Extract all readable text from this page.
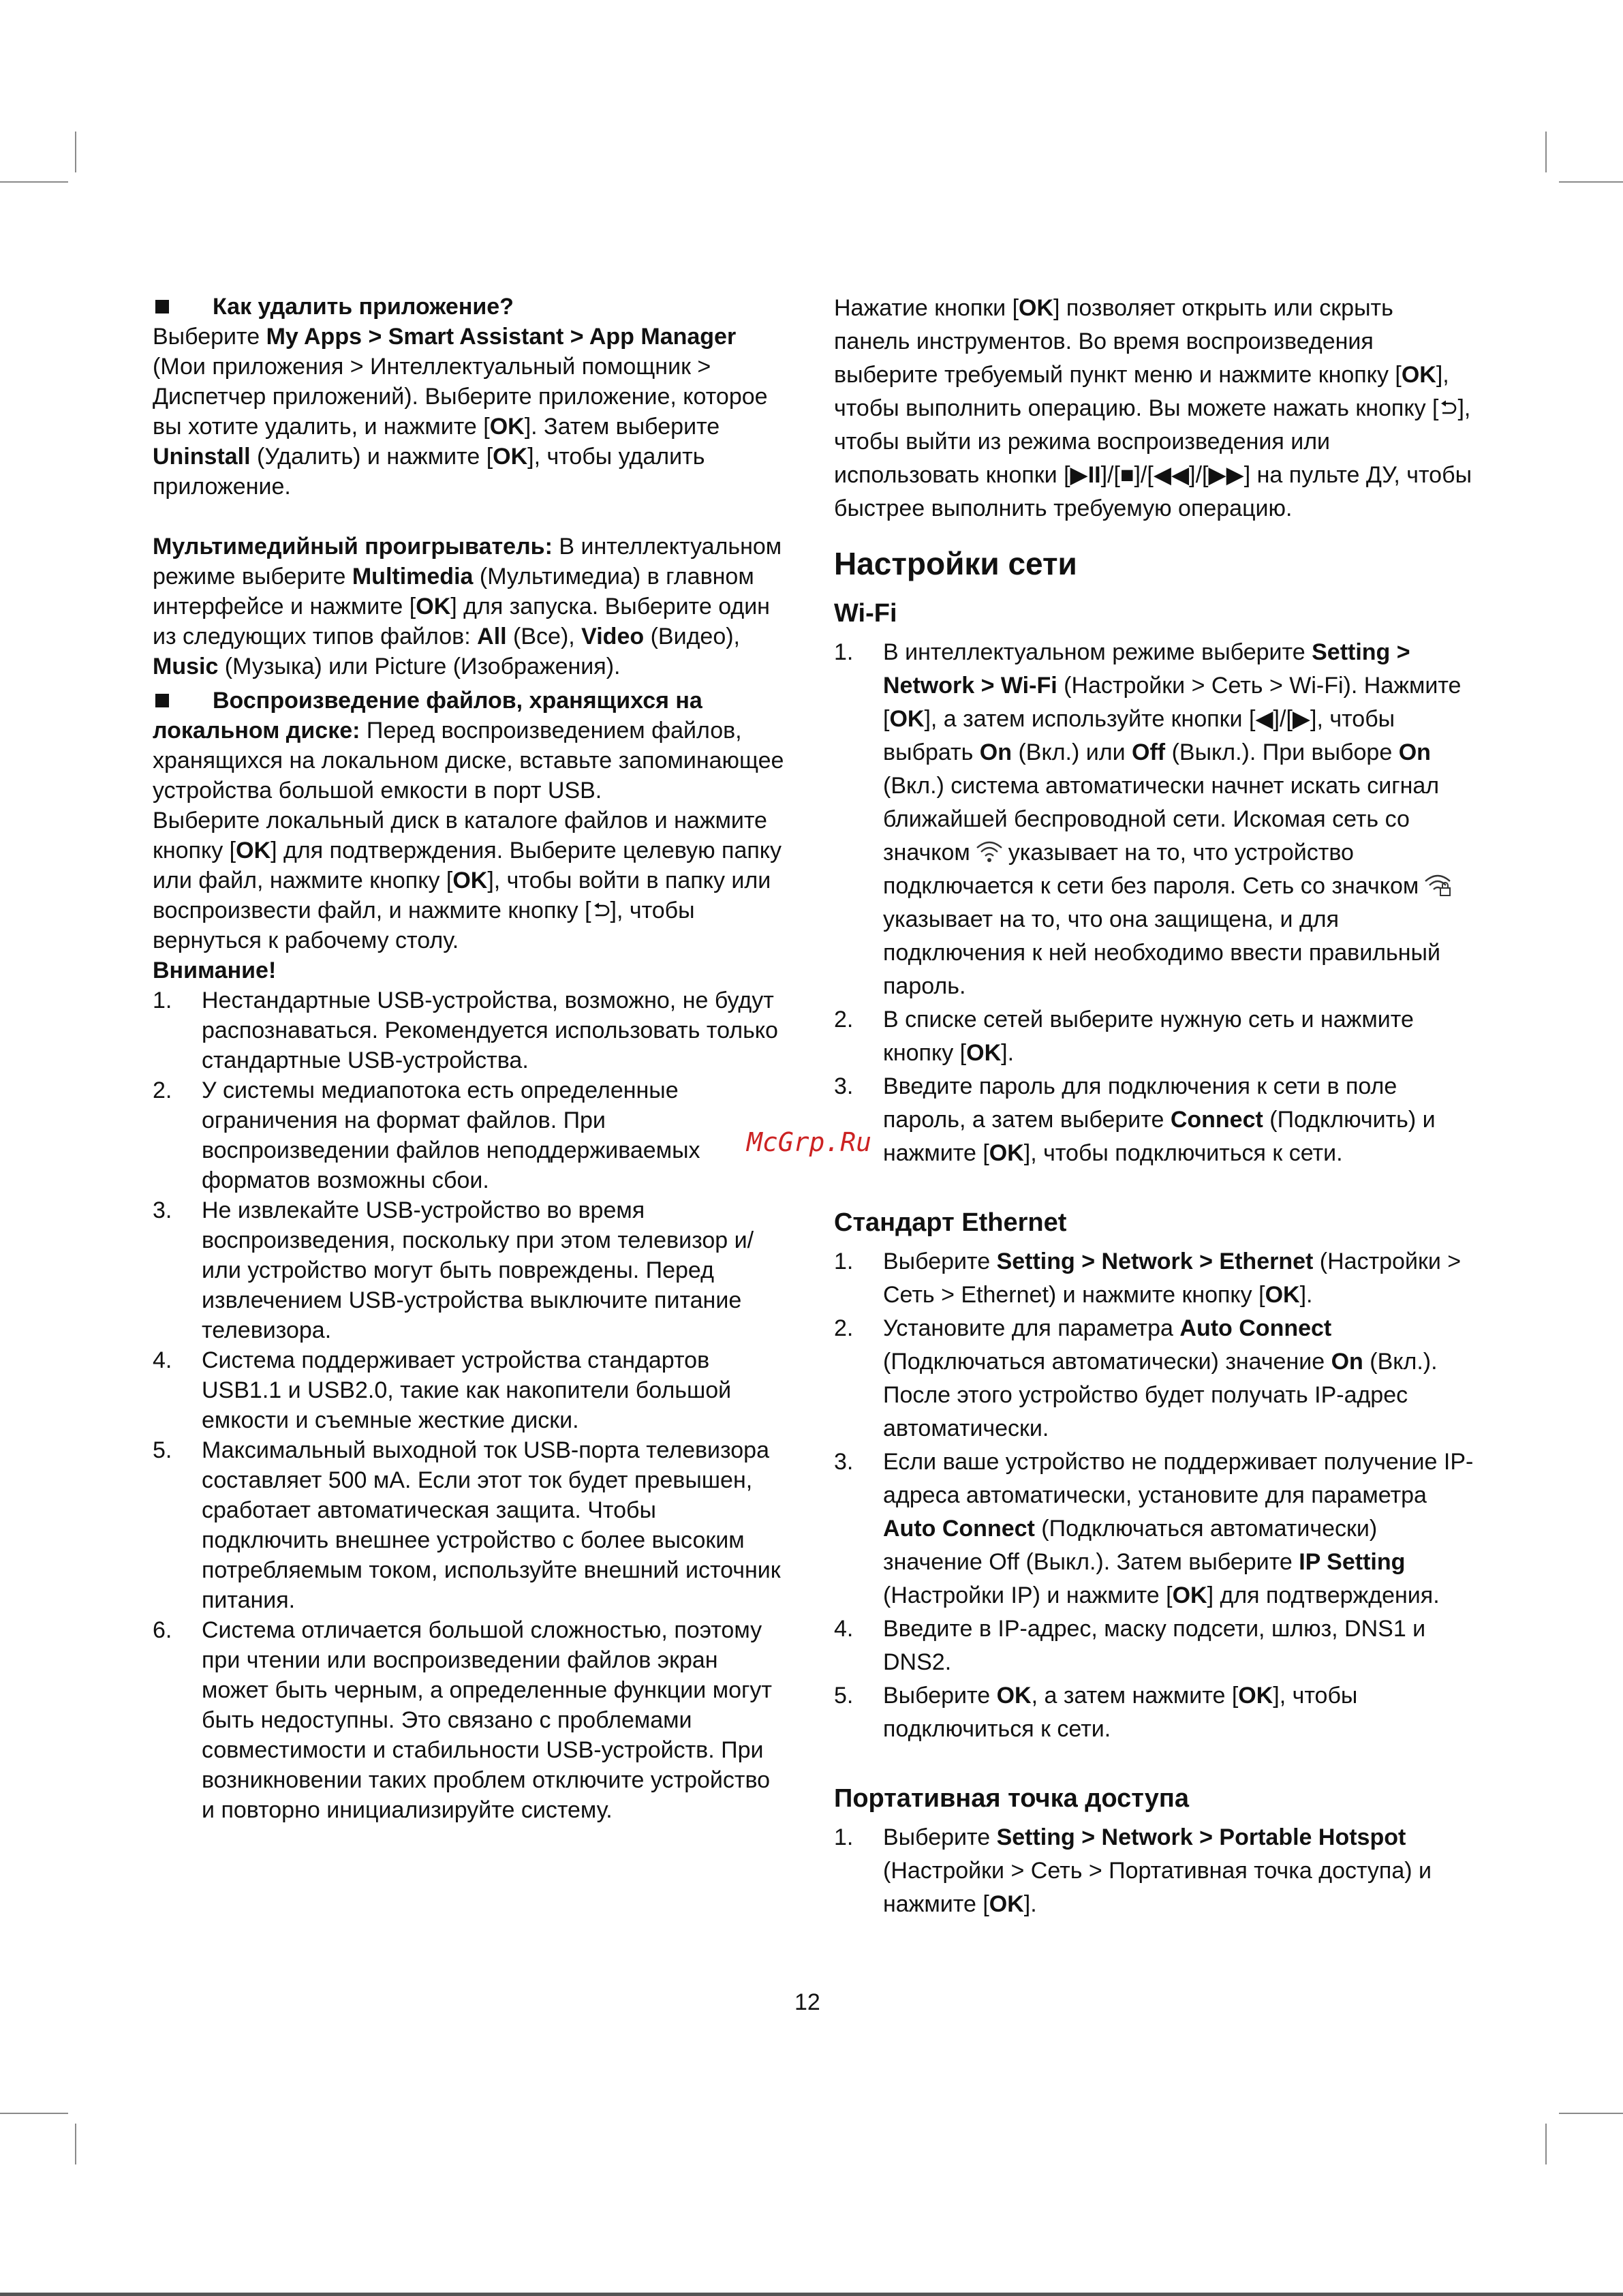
Как удалить приложение?

Выберите My Apps > Smart Assistant > App Manager (Мои приложения > Интеллектуальный помощник > Диспетчер приложений). Выберите приложение, которое вы хотите удалить, и нажмите [OK]. Затем выберите Uninstall (Удалить) и нажмите [OK], чтобы удалить приложение.

Мультимедийный проигрыватель: В интеллектуальном режиме выберите Multimedia (Мультимедиа) в главном интерфейсе и нажмите [OK] для запуска. Выберите один из следующих типов файлов: All (Все), Video (Видео), Music (Музыка) или Picture (Изображения).

Воспроизведение файлов, хранящихся на локальном диске: Перед воспроизведением файлов, хранящихся на локальном диске, вставьте запоминающее устройства большой емкости в порт USB.

Выберите локальный диск в каталоге файлов и нажмите кнопку [OK] для подтверждения. Выберите целевую папку или файл, нажмите кнопку [OK], чтобы войти в папку или воспроизвести файл, и нажмите кнопку [ ], чтобы вернуться к рабочему столу.

Внимание!

1. Нестандартные USB-устройства, возможно, не будут распознаваться. Рекомендуется использовать только стандартные USB-устройства.
2. У системы медиапотока есть определенные ограничения на формат файлов. При воспроизведении файлов неподдерживаемых форматов возможны сбои.
3. Не извлекайте USB-устройство во время воспроизведения, поскольку при этом телевизор и/или устройство могут быть повреждены. Перед извлечением USB-устройства выключите питание телевизора.
4. Система поддерживает устройства стандартов USB1.1 и USB2.0, такие как накопители большой емкости и съемные жесткие диски.
5. Максимальный выходной ток USB-порта телевизора составляет 500 мА. Если этот ток будет превышен, сработает автоматическая защита. Чтобы подключить внешнее устройство с более высоким потребляемым током, используйте внешний источник питания.
6. Система отличается большой сложностью, поэтому при чтении или воспроизведении файлов экран может быть черным, а определенные функции могут быть недоступны. Это связано с проблемами совместимости и стабильности USB-устройств. При возникновении таких проблем отключите устройство и повторно инициализируйте систему.

Нажатие кнопки [OK] позволяет открыть или скрыть панель инструментов. Во время воспроизведения выберите требуемый пункт меню и нажмите кнопку [OK], чтобы выполнить операцию. Вы можете нажать кнопку [ ], чтобы выйти из режима воспроизведения или использовать кнопки [▶II]/[■]/[◀◀]/[▶▶] на пульте ДУ, чтобы быстрее выполнить требуемую операцию.

Настройки сети
Wi-Fi
1. В интеллектуальном режиме выберите Setting > Network > Wi-Fi (Настройки > Сеть > Wi-Fi). Нажмите [OK], а затем используйте кнопки [◀]/[▶], чтобы выбрать On (Вкл.) или Off (Выкл.). При выборе On (Вкл.) система автоматически начнет искать сигнал ближайшей беспроводной сети. Искомая сеть со значком указывает на то, что устройство подключается к сети без пароля. Сеть со значкомуказывает на то, что она защищена, и для подключения к ней необходимо ввести правильный пароль.
2. В списке сетей выберите нужную сеть и нажмите кнопку [OK].
3. Введите пароль для подключения к сети в поле пароль, а затем выберите Connect (Подключить) и нажмите [OK], чтобы подключиться к сети.
Стандарт Ethernet
1. Выберите Setting > Network > Ethernet (Настройки > Сеть > Ethernet) и нажмите кнопку [OK].
2. Установите для параметра Auto Connect (Подключаться автоматически) значение On (Вкл.). После этого устройство будет получать IP-адрес автоматически.
3. Если ваше устройство не поддерживает получение IP-адреса автоматически, установите для параметра Auto Connect (Подключаться автоматически) значение Off (Выкл.). Затем выберите IP Setting (Настройки IP) и нажмите [OK] для подтверждения.
4. Введите в IP-адрес, маску подсети, шлюз, DNS1 и DNS2.
5. Выберите OK, а затем нажмите [OK], чтобы подключиться к сети.
Портативная точка доступа
1. Выберите Setting > Network > Portable Hotspot (Настройки > Сеть > Портативная точка доступа) и нажмите [OK].
McGrp.Ru
12
